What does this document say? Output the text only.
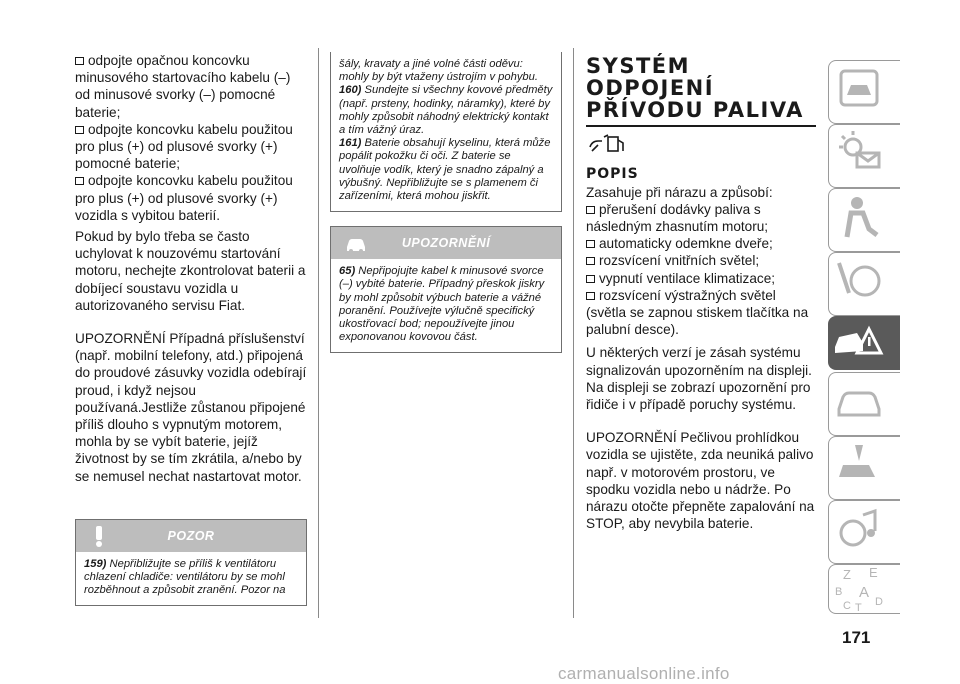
odpojte opačnou koncovku minusového startovacího kabelu (–) od minusové svorky (–) pomocné baterie;
odpojte koncovku kabelu použitou pro plus (+) od plusové svorky (+) pomocné baterie;
odpojte koncovku kabelu použitou pro plus (+) od plusové svorky (+) vozidla s vybitou baterií.

Pokud by bylo třeba se často uchylovat k nouzovému startování motoru, nechejte zkontrolovat baterii a dobíjecí soustavu vozidla u autorizovaného servisu Fiat.

UPOZORNĚNÍ Případná příslušenství (např. mobilní telefony, atd.) připojená do proudové zásuvky vozidla odebírají proud, i když nejsou používaná.Jestliže zůstanou připojené příliš dlouho s vypnutým motorem, mohla by se vybít baterie, jejíž životnost by se tím zkrátila, a/nebo by se nemusel nechat nastartovat motor.

POZOR
159) Nepřibližujte se příliš k ventilátoru chlazení chladiče: ventilátoru by se mohl rozběhnout a způsobit zranění. Pozor na
šály, kravaty a jiné volné části oděvu: mohly by být vtaženy ústrojím v pohybu.
160) Sundejte si všechny kovové předměty (např. prsteny, hodinky, náramky), které by mohly způsobit náhodný elektrický kontakt a tím vážný úraz.
161) Baterie obsahují kyselinu, která může popálit pokožku či oči. Z baterie se uvolňuje vodík, který je snadno zápalný a výbušný. Nepřibližujte se s plamenem či zařízeními, která mohou jiskřit.
UPOZORNĚNÍ
65) Nepřipojujte kabel k minusové svorce (–) vybité baterie. Případný přeskok jiskry by mohl způsobit výbuch baterie a vážné poranění. Používejte výlučně specifický ukostřovací bod; nepoužívejte jinou exponovanou kovovou část.
SYSTÉM ODPOJENÍ
PŘÍVODU PALIVA
POPIS

Zasahuje při nárazu a způsobí:

přerušení dodávky paliva s následným zhasnutím motoru;
automaticky odemkne dveře;
rozsvícení vnitřních světel;
vypnutí ventilace klimatizace;
rozsvícení výstražných světel (světla se zapnou stiskem tlačítka na palubní desce).

U některých verzí je zásah systému signalizován upozorněním na displeji. Na displeji se zobrazí upozornění pro řidiče i v případě poruchy systému.

UPOZORNĚNÍ Pečlivou prohlídkou vozidla se ujistěte, zda neuniká palivo např. v motorovém prostoru, ve spodku vozidla nebo u nádrže. Po nárazu otočte přepněte zapalování na STOP, aby nevybila baterie.

Z E
B A
C T D
171
carmanualsonline.info
